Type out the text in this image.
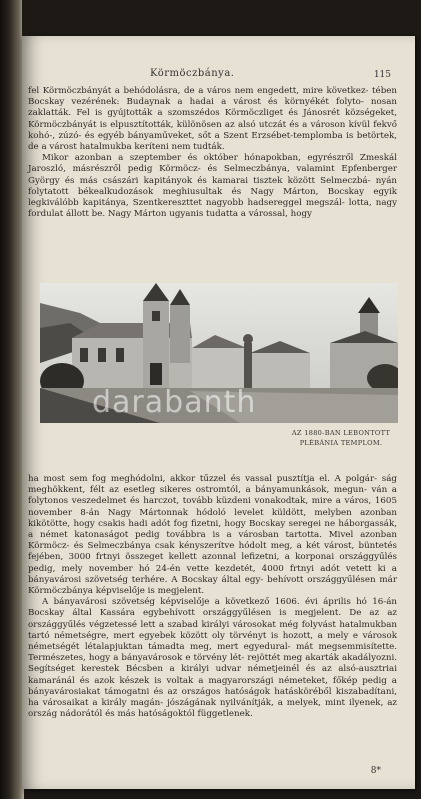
Körmöczbánya.	115

fel Körmöczbányát a behódolásra, de a város nem engedett, mire következ- tében Bocskay vezérének: Budaynak a hadai a várost és környékét folyto- nosan zaklatták. Fel is gyújtották a szomszédos Körmöczliget és Jánosrét községeket, Körmöczbányát is elpusztították, különösen az alsó utczát és a városon kívül fekvő kohó-, zúzó- és egyéb bányaműveket, sőt a Szent Erzsébet-templomba is betörtek, de a várost hatalmukba keríteni nem tudták.

Mikor azonban a szeptember és október hónapokban, egyrészről Zmeskál Jaroszló, másrészről pedig Körmöcz- és Selmeczbánya, valamint Epfenberger György és más császári kapitányok és kamarai tisztek között Selmeczbá- nyán folytatott békealkudozások meghiusultak és Nagy Márton, Bocskay egyik legkiválóbb kapitánya, Szentkereszttet nagyobb hadsereggel megszál- lotta, nagy fordulat állott be. Nagy Márton ugyanis tudatta a várossal, hogy

darabanth
AZ 1880-BAN LEBONTOTT
PLÉBÁNIA TEMPLOM.

ha most sem fog meghódolni, akkor tűzzel és vassal pusztítja el. A polgár- ság meghökkent, félt az esetleg sikeres ostromtól, a bányamunkások, megun- ván a folytonos veszedelmet és harczot, tovább küzdeni vonakodtak, mire a város, 1605 november 8-án Nagy Mártonnak hódoló levelet küldött, melyben azonban kikötötte, hogy csakis hadi adót fog fizetni, hogy Bocskay seregei ne háborgassák, a német katonaságot pedig továbbra is a városban tartotta. Mivel azonban Körmöcz- és Selmeczbánya csak kényszerítve hódolt meg, a két várost, büntetés fejében, 3000 frtnyi összeget kellett azonnal lefizetni, a korponai országgyűlés pedig, mely november hó 24-én vette kezdetét, 4000 frtnyi adót vetett ki a bányavárosi szövetség terhére. A Bocskay által egy- behívott országgyűlésen már Körmöczbánya képviselője is megjelent.

A bányavárosi szövetség képviselője a következő 1606. évi április hó 16-án Bocskay által Kassára egybehívott országgyűlésen is megjelent. De az az országgyűlés végzetessé lett a szabad királyi városokat még folyvást hatalmukban tartó németségre, mert egyebek között oly törvényt is hozott, a mely e városok németségét létalapjuktan támadta meg, mert egyedural- mát megsemmisítette. Természetes, hogy a bányavárosok e törvény lét- rejöttét meg akarták akadályozni. Segítséget kerestek Bécsben a királyi udvar németjeinél és az alsó-ausztriai kamaránál és azok készek is voltak a magyarországi németeket, főkép pedig a bányavárosiakat támogatni és az országos hatóságok hatásköréből kiszabadítani, ha városaikat a király magán- jószágának nyilvánítják, a melyek, mint ilyenek, az ország nádorától és más hatóságoktól függetlenek.

8*
